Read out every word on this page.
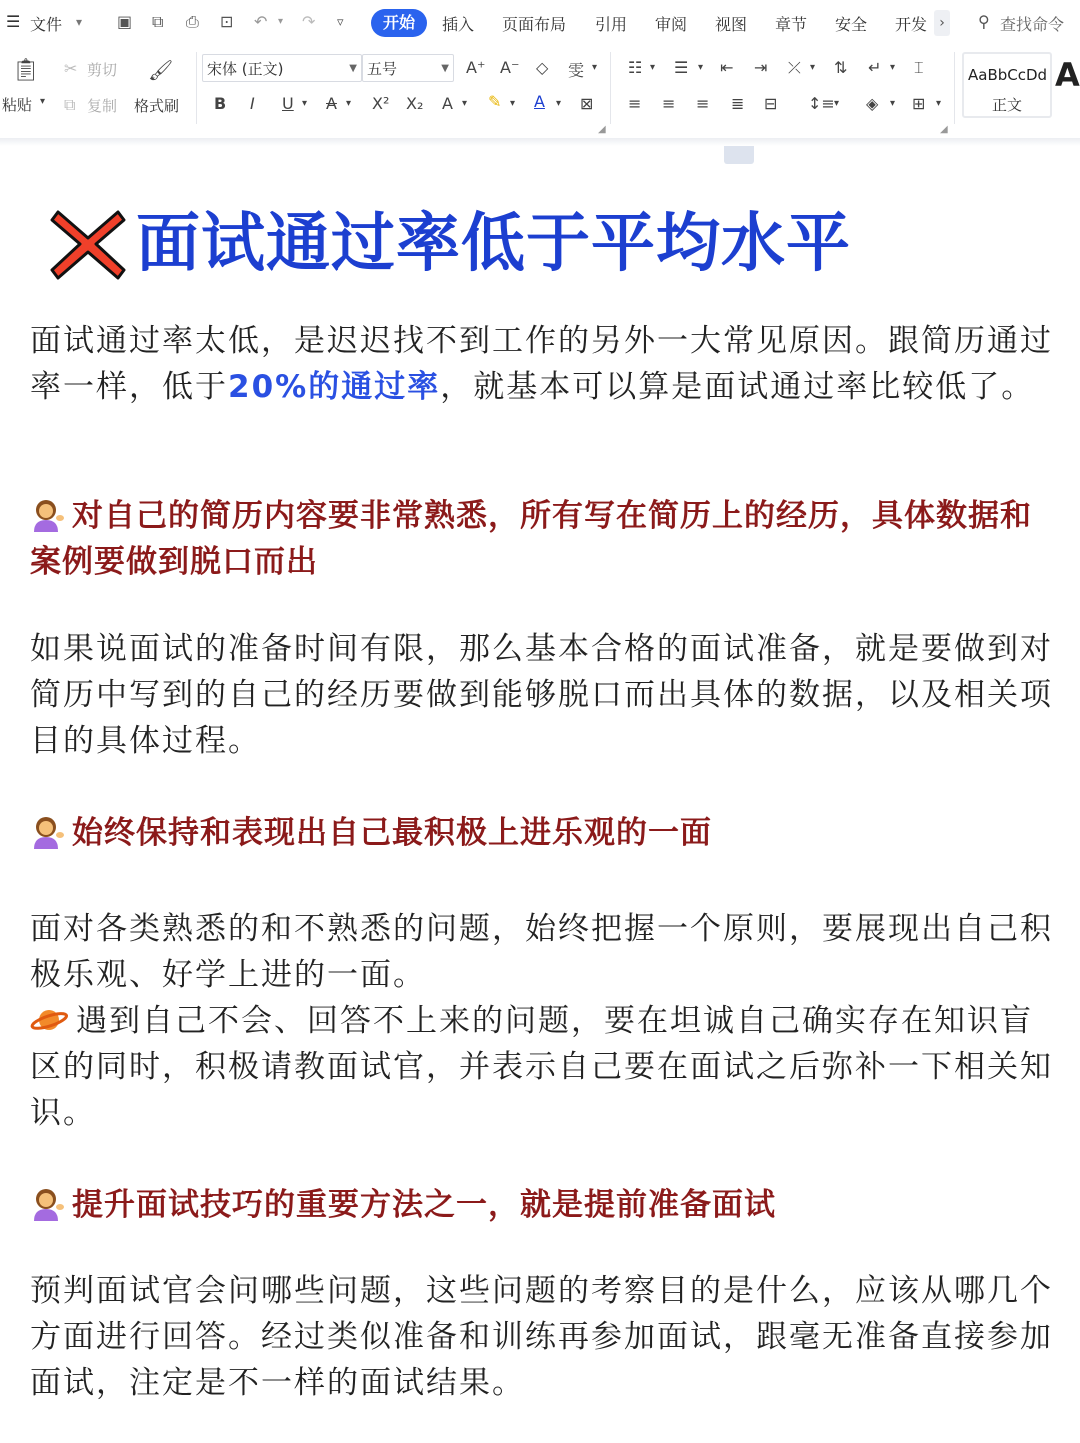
☰ 文件 ▾ ▣ ⧉ ⎙ ⊡ ↶ ▾ ↷ ▿	开始	插入 页面布局 引用 审阅 视图 章节 安全 开发 ›	⚲ 查找命令
📋︎
粘贴 ▾
✂ 剪切
⧉ 复制
🖌︎
格式刷
宋体 (正文)	▼ 五号	▼ A⁺ A⁻ ◇ 雯 ▾
B I U ▾ A ▾ X² X₂ A ▾ ✎ ▾ A ▾ ⊠
◢
☷ ▾ ☰ ▾ ⇤ ⇥ ⤫ ▾ ⇅ ↵ ▾ ⌶
≡ ≡ ≡ ≣ ⊟ ↕≡ ▾ ◈ ▾ ⊞ ▾
◢
AaBbCcDd
正文
A
面试通过率低于平均水平
面试通过率太低，是迟迟找不到工作的另外一大常见原因。跟简历通过率一样，低于20%的通过率，就基本可以算是面试通过率比较低了。
对自己的简历内容要非常熟悉，所有写在简历上的经历，具体数据和案例要做到脱口而出
如果说面试的准备时间有限，那么基本合格的面试准备，就是要做到对简历中写到的自己的经历要做到能够脱口而出具体的数据，以及相关项目的具体过程。
始终保持和表现出自己最积极上进乐观的一面
面对各类熟悉的和不熟悉的问题，始终把握一个原则，要展现出自己积极乐观、好学上进的一面。
遇到自己不会、回答不上来的问题，要在坦诚自己确实存在知识盲区的同时，积极请教面试官，并表示自己要在面试之后弥补一下相关知识。
提升面试技巧的重要方法之一，就是提前准备面试
预判面试官会问哪些问题，这些问题的考察目的是什么，应该从哪几个方面进行回答。经过类似准备和训练再参加面试，跟毫无准备直接参加面试，注定是不一样的面试结果。
